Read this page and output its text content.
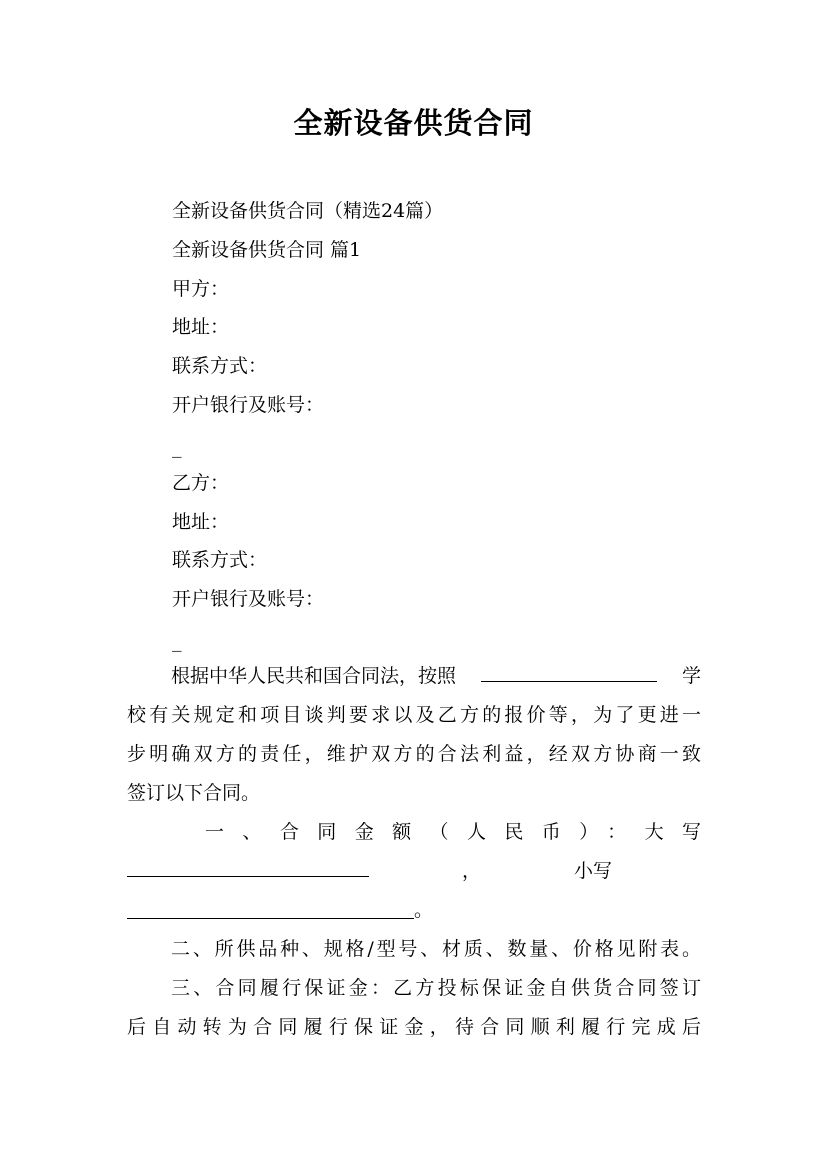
全新设备供货合同
全新设备供货合同（精选24篇）
全新设备供货合同 篇1
甲方：
地址：
联系方式：
开户银行及账号：
_
乙方：
地址：
联系方式：
开户银行及账号：
_
根据中华人民共和国合同法，按照	学
校有关规定和项目谈判要求以及乙方的报价等，为了更进一
步明确双方的责任，维护双方的合法利益，经双方协商一致
签订以下合同。
一、合同金额（人民币）：大写
，	小写
。
二、所供品种、规格/型号、材质、数量、价格见附表。
三、合同履行保证金：乙方投标保证金自供货合同签订
后自动转为合同履行保证金，待合同顺利履行完成后
